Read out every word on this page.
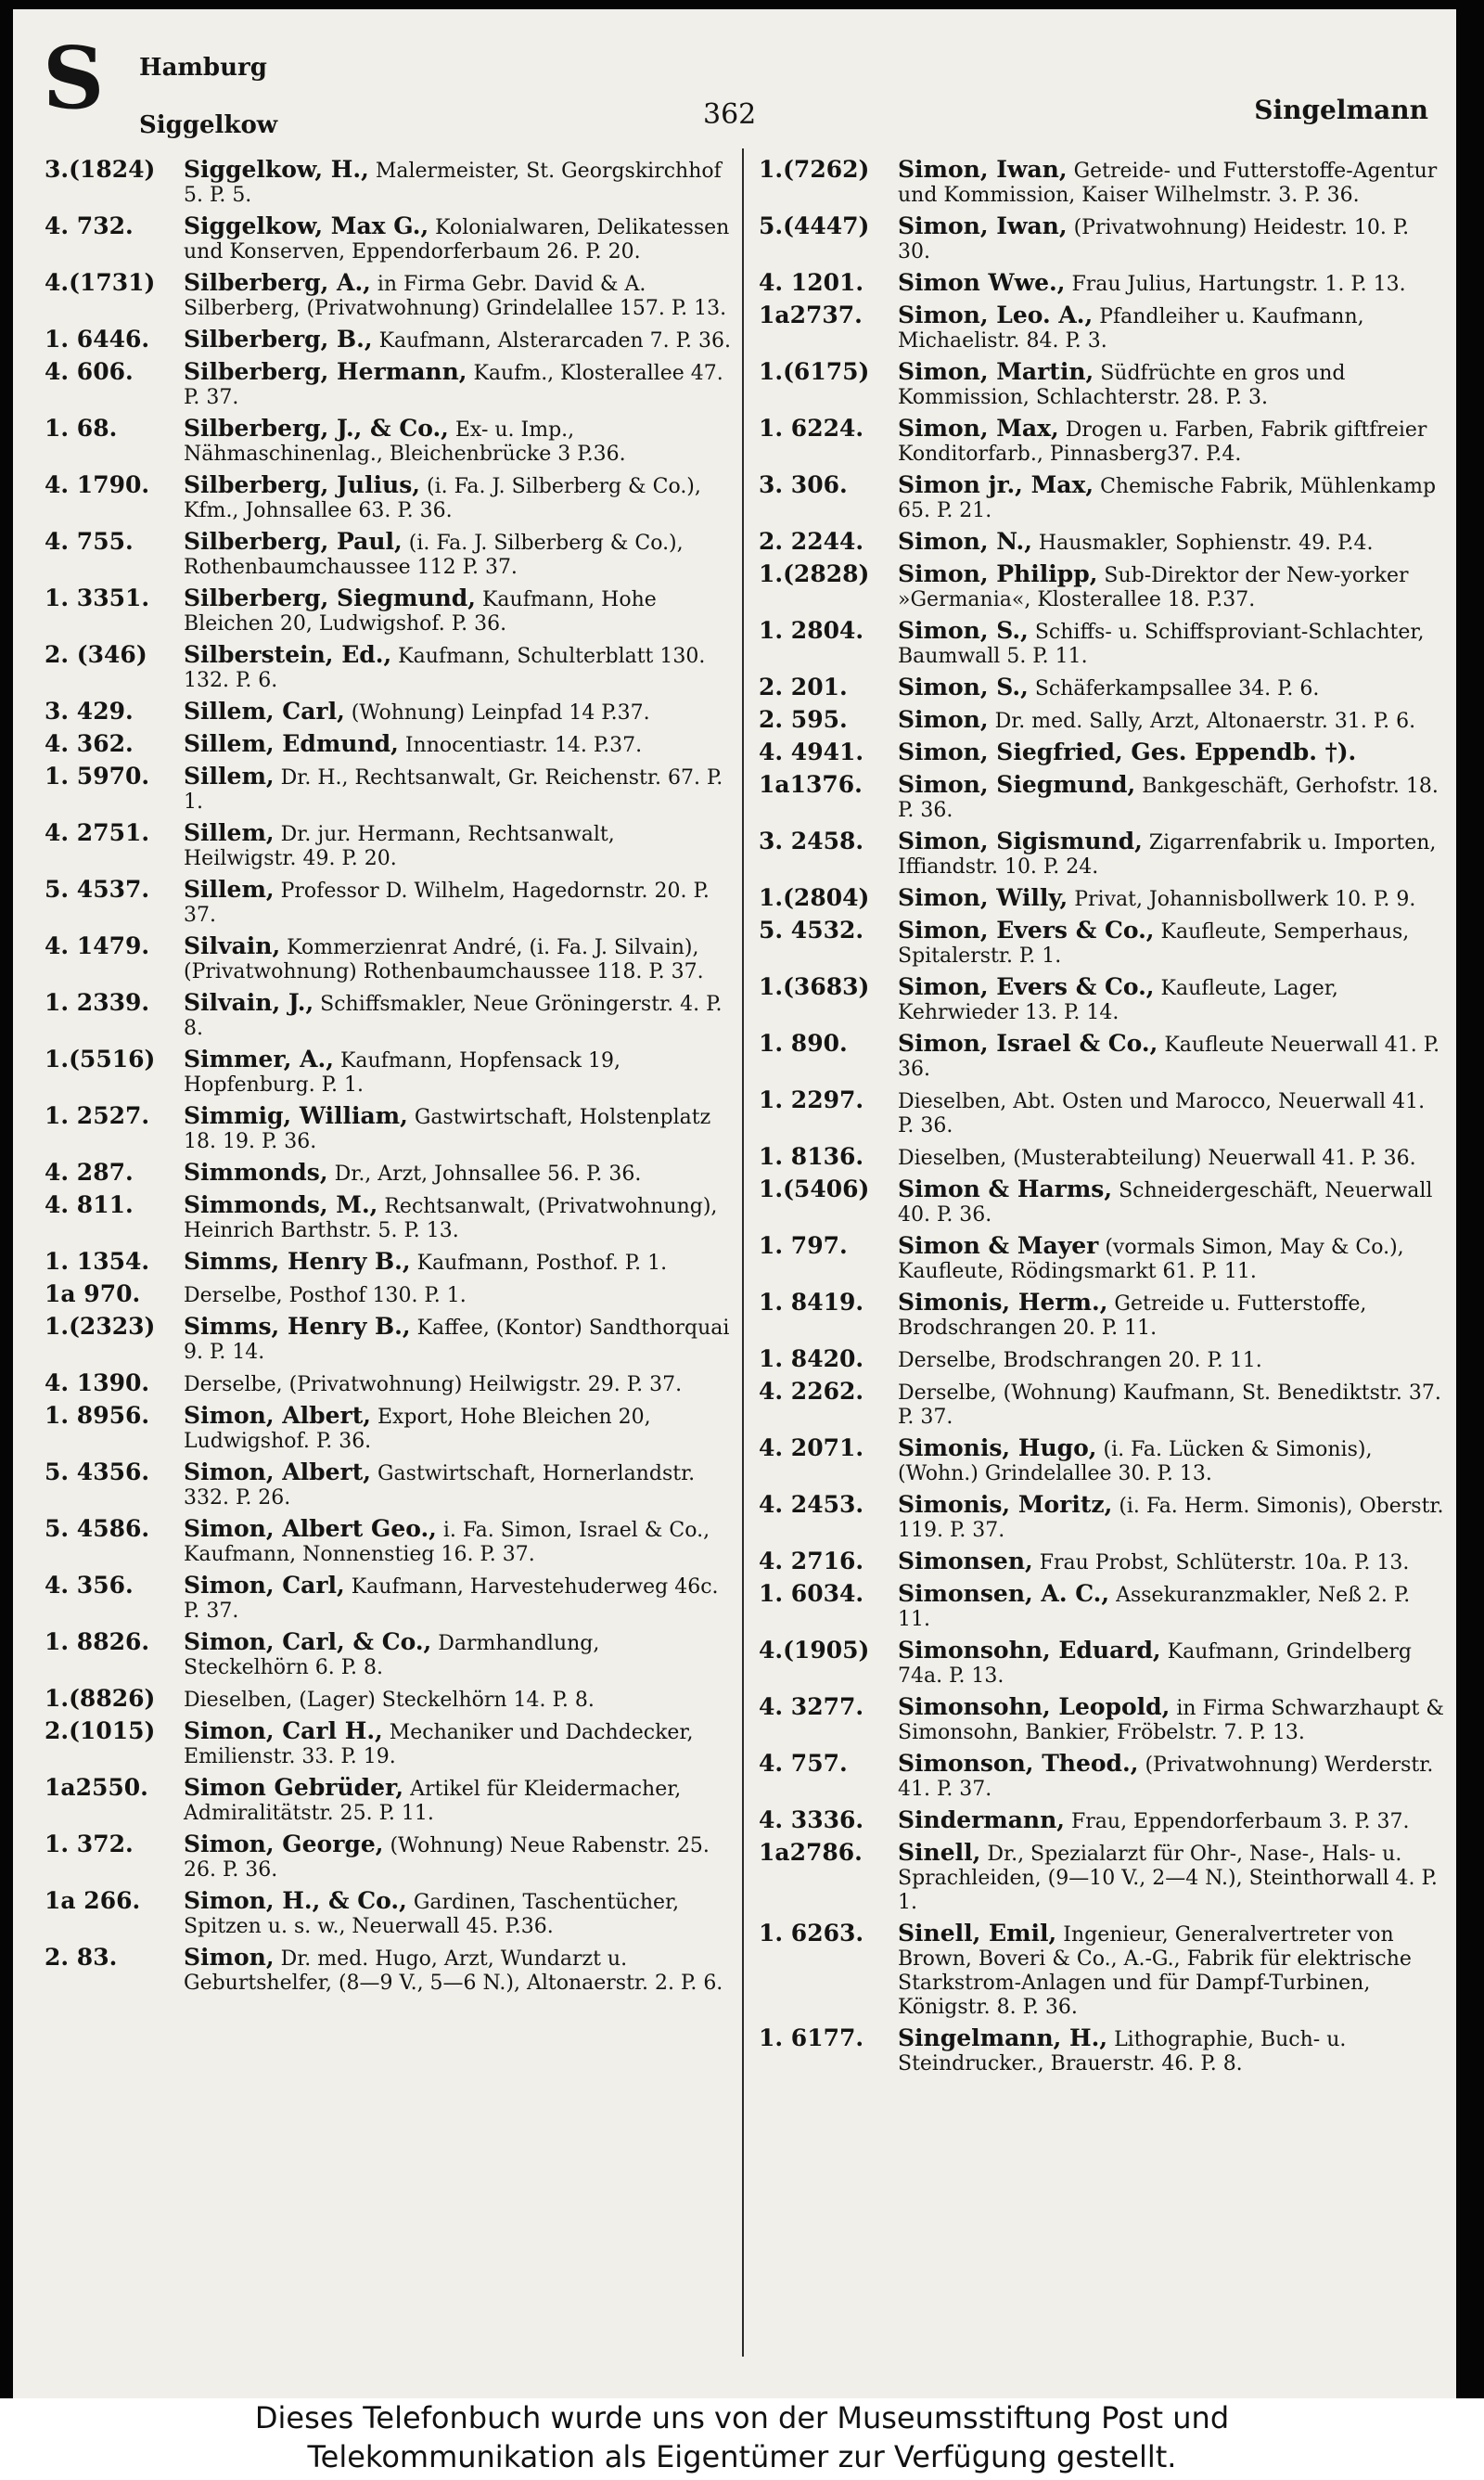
S Hamburg
Siggelkow	362	Singelmann
3.(1824)	Siggelkow, H., Malermeister, St. Georgskirchhof 5. P. 5.
4. 732.	Siggelkow, Max G., Kolonialwaren, Delikatessen und Konserven, Eppendorferbaum 26. P. 20.
4.(1731)	Silberberg, A., in Firma Gebr. David & A. Silberberg, (Privatwohnung) Grindelallee 157. P. 13.
1. 6446.	Silberberg, B., Kaufmann, Alsterarcaden 7. P. 36.
4. 606.	Silberberg, Hermann, Kaufm., Klosterallee 47. P. 37.
1. 68.	Silberberg, J., & Co., Ex- u. Imp., Nähmaschinenlag., Bleichenbrücke 3 P.36.
4. 1790.	Silberberg, Julius, (i. Fa. J. Silberberg & Co.), Kfm., Johnsallee 63. P. 36.
4. 755.	Silberberg, Paul, (i. Fa. J. Silberberg & Co.), Rothenbaumchaussee 112 P. 37.
1. 3351.	Silberberg, Siegmund, Kaufmann, Hohe Bleichen 20, Ludwigshof. P. 36.
2. (346)	Silberstein, Ed., Kaufmann, Schulterblatt 130. 132. P. 6.
3. 429.	Sillem, Carl, (Wohnung) Leinpfad 14 P.37.
4. 362.	Sillem, Edmund, Innocentiastr. 14. P.37.
1. 5970.	Sillem, Dr. H., Rechtsanwalt, Gr. Reichenstr. 67. P. 1.
4. 2751.	Sillem, Dr. jur. Hermann, Rechtsanwalt, Heilwigstr. 49. P. 20.
5. 4537.	Sillem, Professor D. Wilhelm, Hagedornstr. 20. P. 37.
4. 1479.	Silvain, Kommerzienrat André, (i. Fa. J. Silvain), (Privatwohnung) Rothenbaumchaussee 118. P. 37.
1. 2339.	Silvain, J., Schiffsmakler, Neue Gröningerstr. 4. P. 8.
1.(5516)	Simmer, A., Kaufmann, Hopfensack 19, Hopfenburg. P. 1.
1. 2527.	Simmig, William, Gastwirtschaft, Holstenplatz 18. 19. P. 36.
4. 287.	Simmonds, Dr., Arzt, Johnsallee 56. P. 36.
4. 811.	Simmonds, M., Rechtsanwalt, (Privatwohnung), Heinrich Barthstr. 5. P. 13.
1. 1354.	Simms, Henry B., Kaufmann, Posthof. P. 1.
1a 970.	Derselbe, Posthof 130. P. 1.
1.(2323)	Simms, Henry B., Kaffee, (Kontor) Sandthorquai 9. P. 14.
4. 1390.	Derselbe, (Privatwohnung) Heilwigstr. 29. P. 37.
1. 8956.	Simon, Albert, Export, Hohe Bleichen 20, Ludwigshof. P. 36.
5. 4356.	Simon, Albert, Gastwirtschaft, Hornerlandstr. 332. P. 26.
5. 4586.	Simon, Albert Geo., i. Fa. Simon, Israel & Co., Kaufmann, Nonnenstieg 16. P. 37.
4. 356.	Simon, Carl, Kaufmann, Harvestehuderweg 46c. P. 37.
1. 8826.	Simon, Carl, & Co., Darmhandlung, Steckelhörn 6. P. 8.
1.(8826)	Dieselben, (Lager) Steckelhörn 14. P. 8.
2.(1015)	Simon, Carl H., Mechaniker und Dachdecker, Emilienstr. 33. P. 19.
1a2550.	Simon Gebrüder, Artikel für Kleidermacher, Admiralitätstr. 25. P. 11.
1. 372.	Simon, George, (Wohnung) Neue Rabenstr. 25. 26. P. 36.
1a 266.	Simon, H., & Co., Gardinen, Taschentücher, Spitzen u. s. w., Neuerwall 45. P.36.
2. 83.	Simon, Dr. med. Hugo, Arzt, Wundarzt u. Geburtshelfer, (8—9 V., 5—6 N.), Altonaerstr. 2. P. 6.
1.(7262)	Simon, Iwan, Getreide- und Futterstoffe-Agentur und Kommission, Kaiser Wilhelmstr. 3. P. 36.
5.(4447)	Simon, Iwan, (Privatwohnung) Heidestr. 10. P. 30.
4. 1201.	Simon Wwe., Frau Julius, Hartungstr. 1. P. 13.
1a2737.	Simon, Leo. A., Pfandleiher u. Kaufmann, Michaelistr. 84. P. 3.
1.(6175)	Simon, Martin, Südfrüchte en gros und Kommission, Schlachterstr. 28. P. 3.
1. 6224.	Simon, Max, Drogen u. Farben, Fabrik giftfreier Konditorfarb., Pinnasberg37. P.4.
3. 306.	Simon jr., Max, Chemische Fabrik, Mühlenkamp 65. P. 21.
2. 2244.	Simon, N., Hausmakler, Sophienstr. 49. P.4.
1.(2828)	Simon, Philipp, Sub-Direktor der New-yorker »Germania«, Klosterallee 18. P.37.
1. 2804.	Simon, S., Schiffs- u. Schiffsproviant-Schlachter, Baumwall 5. P. 11.
2. 201.	Simon, S., Schäferkampsallee 34. P. 6.
2. 595.	Simon, Dr. med. Sally, Arzt, Altonaerstr. 31. P. 6.
4. 4941.	Simon, Siegfried, Ges. Eppendb. †).
1a1376.	Simon, Siegmund, Bankgeschäft, Gerhofstr. 18. P. 36.
3. 2458.	Simon, Sigismund, Zigarrenfabrik u. Importen, Iffiandstr. 10. P. 24.
1.(2804)	Simon, Willy, Privat, Johannisbollwerk 10. P. 9.
5. 4532.	Simon, Evers & Co., Kaufleute, Semperhaus, Spitalerstr. P. 1.
1.(3683)	Simon, Evers & Co., Kaufleute, Lager, Kehrwieder 13. P. 14.
1. 890.	Simon, Israel & Co., Kaufleute Neuerwall 41. P. 36.
1. 2297.	Dieselben, Abt. Osten und Marocco, Neuerwall 41. P. 36.
1. 8136.	Dieselben, (Musterabteilung) Neuerwall 41. P. 36.
1.(5406)	Simon & Harms, Schneidergeschäft, Neuerwall 40. P. 36.
1. 797.	Simon & Mayer (vormals Simon, May & Co.), Kaufleute, Rödingsmarkt 61. P. 11.
1. 8419.	Simonis, Herm., Getreide u. Futterstoffe, Brodschrangen 20. P. 11.
1. 8420.	Derselbe, Brodschrangen 20. P. 11.
4. 2262.	Derselbe, (Wohnung) Kaufmann, St. Benediktstr. 37. P. 37.
4. 2071.	Simonis, Hugo, (i. Fa. Lücken & Simonis), (Wohn.) Grindelallee 30. P. 13.
4. 2453.	Simonis, Moritz, (i. Fa. Herm. Simonis), Oberstr. 119. P. 37.
4. 2716.	Simonsen, Frau Probst, Schlüterstr. 10a. P. 13.
1. 6034.	Simonsen, A. C., Assekuranzmakler, Neß 2. P. 11.
4.(1905)	Simonsohn, Eduard, Kaufmann, Grindelberg 74a. P. 13.
4. 3277.	Simonsohn, Leopold, in Firma Schwarzhaupt & Simonsohn, Bankier, Fröbelstr. 7. P. 13.
4. 757.	Simonson, Theod., (Privatwohnung) Werderstr. 41. P. 37.
4. 3336.	Sindermann, Frau, Eppendorferbaum 3. P. 37.
1a2786.	Sinell, Dr., Spezialarzt für Ohr-, Nase-, Hals- u. Sprachleiden, (9—10 V., 2—4 N.), Steinthorwall 4. P. 1.
1. 6263.	Sinell, Emil, Ingenieur, Generalvertreter von Brown, Boveri & Co., A.-G., Fabrik für elektrische Starkstrom-Anlagen und für Dampf-Turbinen, Königstr. 8. P. 36.
1. 6177.	Singelmann, H., Lithographie, Buch- u. Steindrucker., Brauerstr. 46. P. 8.
Dieses Telefonbuch wurde uns von der Museumsstiftung Post und
Telekommunikation als Eigentümer zur Verfügung gestellt.
